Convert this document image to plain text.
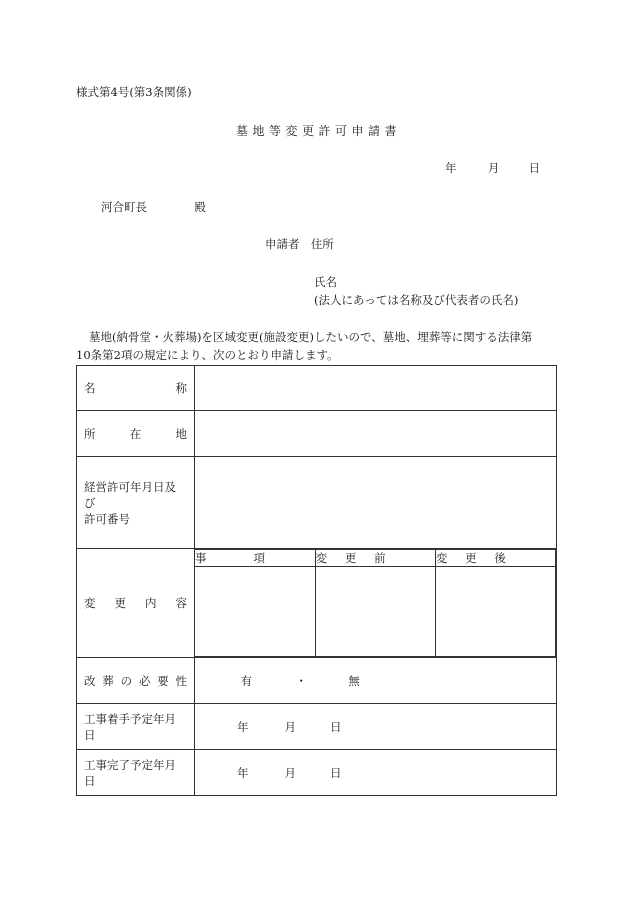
様式第4号(第3条関係)
墓地等変更許可申請書
年	月	日
河合町長	殿
申請者 住所
氏名
(法人にあっては名称及び代表者の氏名)
墓地(納骨堂・火葬場)を区域変更(施設変更)したいので、墓地、埋葬等に関する法律第
10条第2項の規定により、次のとおり申請します。
名	称

所	在	地

経営許可年月日及び
許可番号

変 更 内 容

事	項	変 更 前	変 更 後

改 葬 の 必 要 性	有	・	無
工事着手予定年月日	年	月	日
工事完了予定年月日	年	月	日
